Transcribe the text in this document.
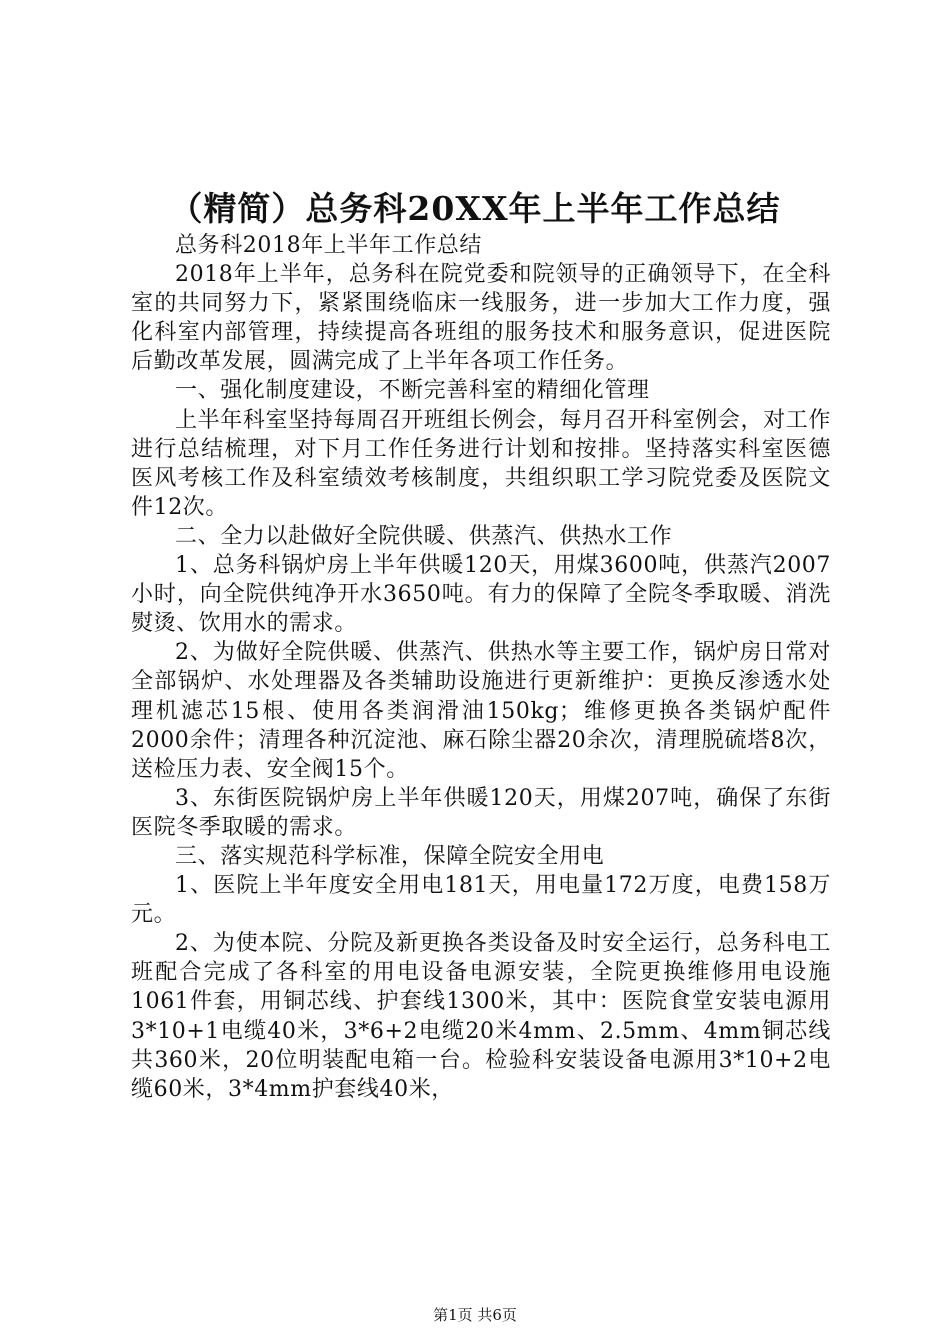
（精简）总务科20XX年上半年工作总结

总务科2018年上半年工作总结

2018年上半年，总务科在院党委和院领导的正确领导下，在全科室的共同努力下，紧紧围绕临床一线服务，进一步加大工作力度，强化科室内部管理，持续提高各班组的服务技术和服务意识，促进医院后勤改革发展，圆满完成了上半年各项工作任务。

一、强化制度建设，不断完善科室的精细化管理

上半年科室坚持每周召开班组长例会，每月召开科室例会，对工作进行总结梳理，对下月工作任务进行计划和按排。坚持落实科室医德医风考核工作及科室绩效考核制度，共组织职工学习院党委及医院文件12次。

二、全力以赴做好全院供暖、供蒸汽、供热水工作

1、总务科锅炉房上半年供暖120天，用煤3600吨，供蒸汽2007小时，向全院供纯净开水3650吨。有力的保障了全院冬季取暖、消洗熨烫、饮用水的需求。

2、为做好全院供暖、供蒸汽、供热水等主要工作，锅炉房日常对全部锅炉、水处理器及各类辅助设施进行更新维护：更换反渗透水处理机滤芯15根、使用各类润滑油150kg；维修更换各类锅炉配件2000余件；清理各种沉淀池、麻石除尘器20余次，清理脱硫塔8次，送检压力表、安全阀15个。

3、东街医院锅炉房上半年供暖120天，用煤207吨，确保了东街医院冬季取暖的需求。

三、落实规范科学标准，保障全院安全用电

1、医院上半年度安全用电181天，用电量172万度，电费158万元。

2、为使本院、分院及新更换各类设备及时安全运行，总务科电工班配合完成了各科室的用电设备电源安装，全院更换维修用电设施1061件套，用铜芯线、护套线1300米，其中：医院食堂安装电源用3*10+1电缆40米，3*6+2电缆20米4mm、2.5mm、4mm铜芯线共360米，20位明装配电箱一台。检验科安装设备电源用3*10+2电缆60米，3*4mm护套线40米，

第1页 共6页
